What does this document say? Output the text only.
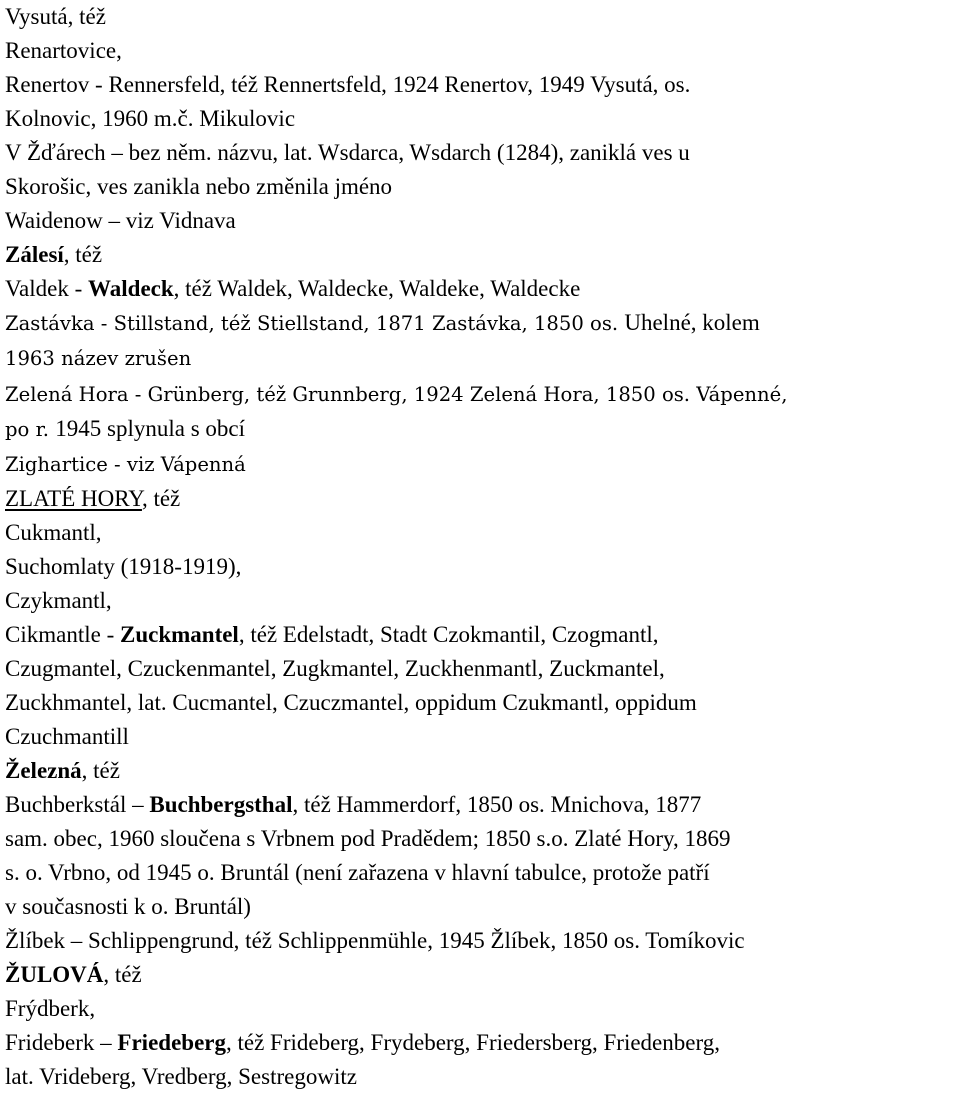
Vysutá, též
Renartovice,
Renertov - Rennersfeld, též Rennertsfeld, 1924 Renertov, 1949 Vysutá, os.
Kolnovic, 1960 m.č. Mikulovic
V Žďárech – bez něm. názvu, lat. Wsdarca, Wsdarch (1284), zaniklá ves u
Skorošic, ves zanikla nebo změnila jméno
Waidenow – viz Vidnava
Zálesí, též
Valdek - Waldeck, též Waldek, Waldecke, Waldeke, Waldecke
Zastávka - Stillstand, též Stiellstand, 1871 Zastávka, 1850 os. Uhelné, kolem
1963 název zrušen
Zelená Hora - Grünberg, též Grunnberg, 1924 Zelená Hora, 1850 os. Vápenné,
po r. 1945 splynula s obcí
Zighartice - viz Vápenná
ZLATÉ HORY, též
Cukmantl,
Suchomlaty (1918-1919),
Czykmantl,
Cikmantle - Zuckmantel, též Edelstadt, Stadt Czokmantil, Czogmantl,
Czugmantel, Czuckenmantel, Zugkmantel, Zuckhenmantl, Zuckmantel,
Zuckhmantel, lat. Cucmantel, Czuczmantel, oppidum Czukmantl, oppidum
Czuchmantill
Železná, též
Buchberkstál – Buchbergsthal, též Hammerdorf, 1850 os. Mnichova, 1877
sam. obec, 1960 sloučena s Vrbnem pod Pradědem; 1850 s.o. Zlaté Hory, 1869
s. o. Vrbno, od 1945 o. Bruntál (není zařazena v hlavní tabulce, protože patří
v současnosti k o. Bruntál)
Žlíbek – Schlippengrund, též Schlippenmühle, 1945 Žlíbek, 1850 os. Tomíkovic
ŽULOVÁ, též
Frýdberk,
Frideberk – Friedeberg, též Frideberg, Frydeberg, Friedersberg, Friedenberg,
lat. Vrideberg, Vredberg, Sestregowitz
